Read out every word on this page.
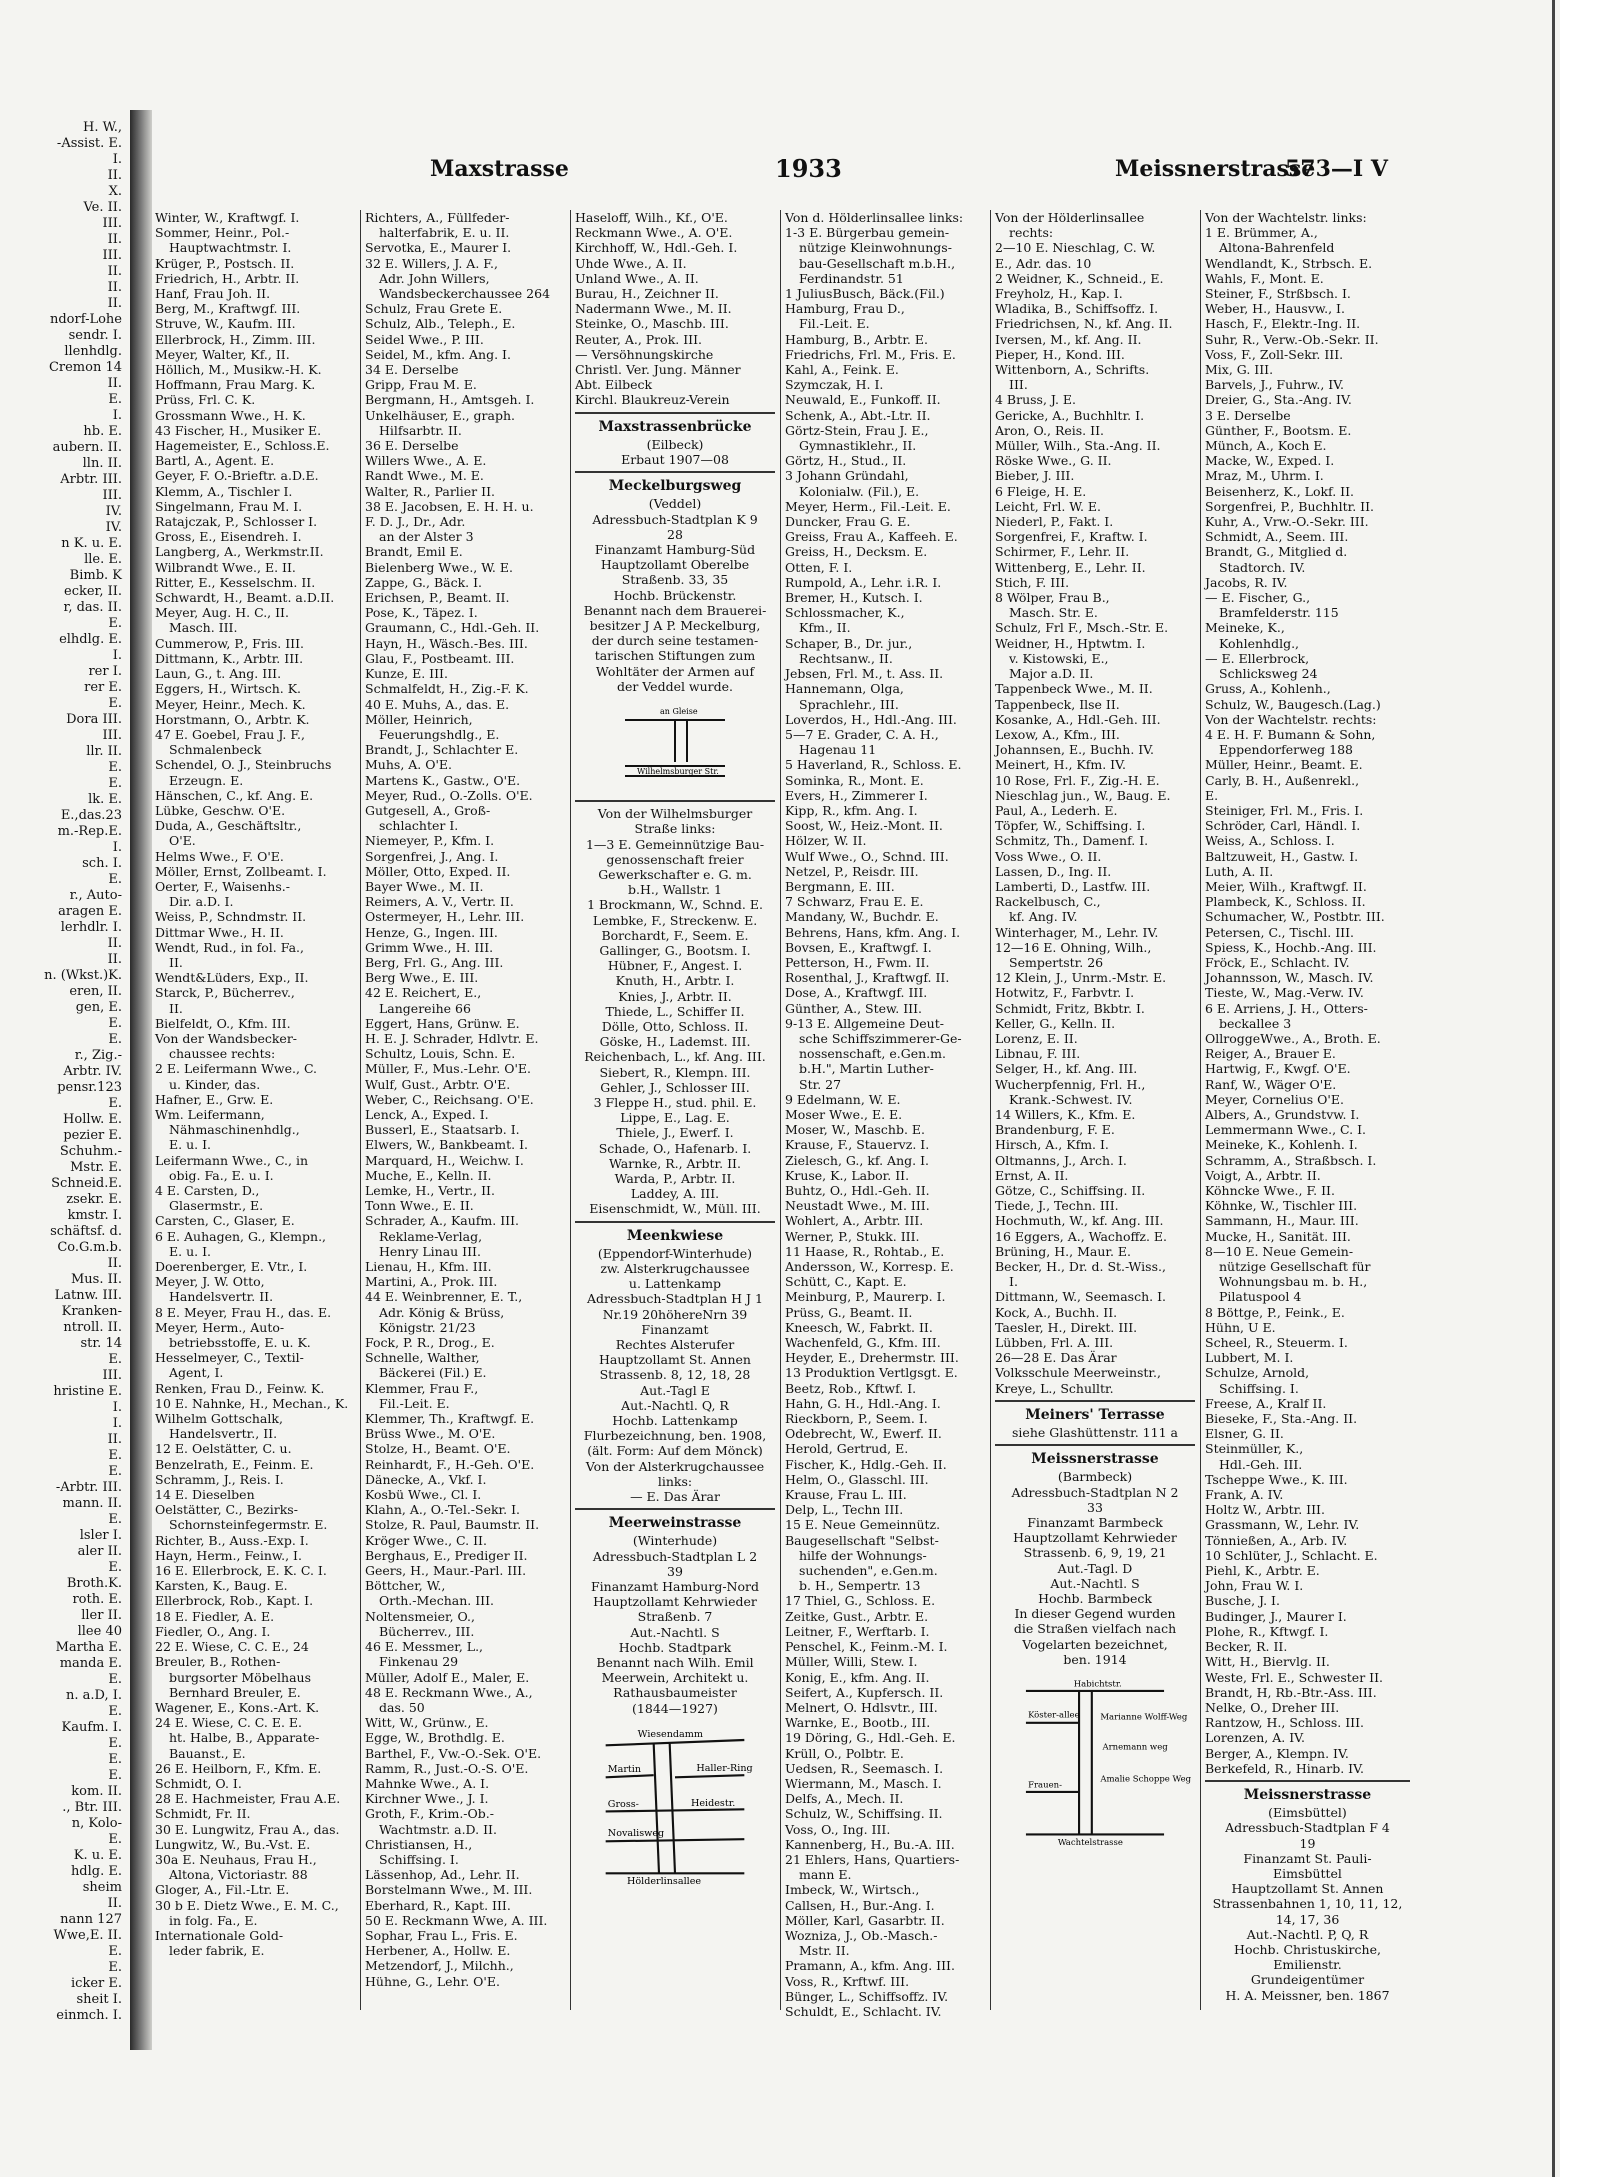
H. W.,
-Assist. E.
I.
II.
X.
Ve. II.
III.
II.
III.
II.
II.
II.
ndorf-Lohe
sendr. I.
llenhdlg.
Cremon 14
II.
E.
I.
hb. E.
aubern. II.
lln. II.
Arbtr. III.
III.
IV.
IV.
n K. u. E.
lle. E.
Bimb. K
ecker, II.
r, das. II.
E.
elhdlg. E.
I.
rer I.
rer E.
E.
Dora III.
III.
llr. II.
E.
E.
lk. E.
E.,das.23
m.-Rep.E.
I.
sch. I.
E.
r., Auto-
aragen E.
lerhdlr. I.
II.
II.
n. (Wkst.)K.
eren, II.
gen, E.
E.
E.
r., Zig.-
Arbtr. IV.
pensr.123
E.
Hollw. E.
pezier E.
Schuhm.-
Mstr. E.
Schneid.E.
zsekr. E.
kmstr. I.
schäftsf. d.
Co.G.m.b.
II.
Mus. II.
Latnw. III.
Kranken-
ntroll. II.
str. 14
E.
III.
hristine E.
I.
I.
II.
E.
E.
-Arbtr. III.
mann. II.
E.
lsler I.
aler II.
E.
Broth.K.
roth. E.
ller II.
llee 40
Martha E.
manda E.
E.
n. a.D, I.
E.
Kaufm. I.
E.
E.
E.
kom. II.
., Btr. III.
n, Kolo-
E.
K. u. E.
hdlg. E.
sheim
II.
nann 127
Wwe,E. II.
E.
E.
icker E.
sheit I.
einmch. I.
Maxstrasse	1933	Meissnerstrasse
573—I V
Winter, W., Kraftwgf. I.
Sommer, Heinr., Pol.-
Hauptwachtmstr. I.
Krüger, P., Postsch. II.
Friedrich, H., Arbtr. II.
Hanf, Frau Joh. II.
Berg, M., Kraftwgf. III.
Struve, W., Kaufm. III.
Ellerbrock, H., Zimm. III.
Meyer, Walter, Kf., II.
Höllich, M., Musikw.-H. K.
Hoffmann, Frau Marg. K.
Prüss, Frl. C. K.
Grossmann Wwe., H. K.
43 Fischer, H., Musiker E.
Hagemeister, E., Schloss.E.
Bartl, A., Agent. E.
Geyer, F. O.-Brieftr. a.D.E.
Klemm, A., Tischler I.
Singelmann, Frau M. I.
Ratajczak, P., Schlosser I.
Gross, E., Eisendreh. I.
Langberg, A., Werkmstr.II.
Wilbrandt Wwe., E. II.
Ritter, E., Kesselschm. II.
Schwardt, H., Beamt. a.D.II.
Meyer, Aug. H. C., II.
Masch. III.
Cummerow, P., Fris. III.
Dittmann, K., Arbtr. III.
Laun, G., t. Ang. III.
Eggers, H., Wirtsch. K.
Meyer, Heinr., Mech. K.
Horstmann, O., Arbtr. K.
47 E. Goebel, Frau J. F.,
Schmalenbeck
Schendel, O. J., Steinbruchs
Erzeugn. E.
Hänschen, C., kf. Ang. E.
Lübke, Geschw. O'E.
Duda, A., Geschäftsltr.,
O'E.
Helms Wwe., F. O'E.
Möller, Ernst, Zollbeamt. I.
Oerter, F., Waisenhs.-
Dir. a.D. I.
Weiss, P., Schndmstr. II.
Dittmar Wwe., H. II.
Wendt, Rud., in fol. Fa.,
II.
Wendt&Lüders, Exp., II.
Starck, P., Bücherrev.,
II.
Bielfeldt, O., Kfm. III.
Von der Wandsbecker-
chaussee rechts:
2 E. Leifermann Wwe., C.
u. Kinder, das.
Hafner, E., Grw. E.
Wm. Leifermann,
Nähmaschinenhdlg.,
E. u. I.
Leifermann Wwe., C., in
obig. Fa., E. u. I.
4 E. Carsten, D.,
Glasermstr., E.
Carsten, C., Glaser, E.
6 E. Auhagen, G., Klempn.,
E. u. I.
Doerenberger, E. Vtr., I.
Meyer, J. W. Otto,
Handelsvertr. II.
8 E. Meyer, Frau H., das. E.
Meyer, Herm., Auto-
betriebsstoffe, E. u. K.
Hesselmeyer, C., Textil-
Agent, I.
Renken, Frau D., Feinw. K.
10 E. Nahnke, H., Mechan., K.
Wilhelm Gottschalk,
Handelsvertr., II.
12 E. Oelstätter, C. u.
Benzelrath, E., Feinm. E.
Schramm, J., Reis. I.
14 E. Dieselben
Oelstätter, C., Bezirks-
Schornsteinfegermstr. E.
Richter, B., Auss.-Exp. I.
Hayn, Herm., Feinw., I.
16 E. Ellerbrock, E. K. C. I.
Karsten, K., Baug. E.
Ellerbrock, Rob., Kapt. I.
18 E. Fiedler, A. E.
Fiedler, O., Ang. I.
22 E. Wiese, C. C. E., 24
Breuler, B., Rothen-
burgsorter Möbelhaus
Bernhard Breuler, E.
Wagener, E., Kons.-Art. K.
24 E. Wiese, C. C. E. E.
ht. Halbe, B., Apparate-
Bauanst., E.
26 E. Heilborn, F., Kfm. E.
Schmidt, O. I.
28 E. Hachmeister, Frau A.E.
Schmidt, Fr. II.
30 E. Lungwitz, Frau A., das.
Lungwitz, W., Bu.-Vst. E.
30a E. Neuhaus, Frau H.,
Altona, Victoriastr. 88
Gloger, A., Fil.-Ltr. E.
30 b E. Dietz Wwe., E. M. C.,
in folg. Fa., E.
Internationale Gold-
leder fabrik, E.
Richters, A., Füllfeder-
halterfabrik, E. u. II.
Servotka, E., Maurer I.
32 E. Willers, J. A. F.,
Adr. John Willers,
Wandsbeckerchaussee 264
Schulz, Frau Grete E.
Schulz, Alb., Teleph., E.
Seidel Wwe., P. III.
Seidel, M., kfm. Ang. I.
34 E. Derselbe
Gripp, Frau M. E.
Bergmann, H., Amtsgeh. I.
Unkelhäuser, E., graph.
Hilfsarbtr. II.
36 E. Derselbe
Willers Wwe., A. E.
Randt Wwe., M. E.
Walter, R., Parlier II.
38 E. Jacobsen, E. H. H. u.
F. D. J., Dr., Adr.
an der Alster 3
Brandt, Emil E.
Bielenberg Wwe., W. E.
Zappe, G., Bäck. I.
Erichsen, P., Beamt. II.
Pose, K., Täpez. I.
Graumann, C., Hdl.-Geh. II.
Hayn, H., Wäsch.-Bes. III.
Glau, F., Postbeamt. III.
Kunze, E. III.
Schmalfeldt, H., Zig.-F. K.
40 E. Muhs, A., das. E.
Möller, Heinrich,
Feuerungshdlg., E.
Brandt, J., Schlachter E.
Muhs, A. O'E.
Martens K., Gastw., O'E.
Meyer, Rud., O.-Zolls. O'E.
Gutgesell, A., Groß-
schlachter I.
Niemeyer, P., Kfm. I.
Sorgenfrei, J., Ang. I.
Möller, Otto, Exped. II.
Bayer Wwe., M. II.
Reimers, A. V., Vertr. II.
Ostermeyer, H., Lehr. III.
Henze, G., Ingen. III.
Grimm Wwe., H. III.
Berg, Frl. G., Ang. III.
Berg Wwe., E. III.
42 E. Reichert, E.,
Langereihe 66
Eggert, Hans, Grünw. E.
H. E. J. Schrader, Hdlvtr. E.
Schultz, Louis, Schn. E.
Müller, F., Mus.-Lehr. O'E.
Wulf, Gust., Arbtr. O'E.
Weber, C., Reichsang. O'E.
Lenck, A., Exped. I.
Busserl, E., Staatsarb. I.
Elwers, W., Bankbeamt. I.
Marquard, H., Weichw. I.
Muche, E., Kelln. II.
Lemke, H., Vertr., II.
Tonn Wwe., E. II.
Schrader, A., Kaufm. III.
Reklame-Verlag,
Henry Linau III.
Lienau, H., Kfm. III.
Martini, A., Prok. III.
44 E. Weinbrenner, E. T.,
Adr. König & Brüss,
Königstr. 21/23
Fock, P. R., Drog., E.
Schnelle, Walther,
Bäckerei (Fil.) E.
Klemmer, Frau F.,
Fil.-Leit. E.
Klemmer, Th., Kraftwgf. E.
Brüss Wwe., M. O'E.
Stolze, H., Beamt. O'E.
Reinhardt, F., H.-Geh. O'E.
Dänecke, A., Vkf. I.
Kosbü Wwe., Cl. I.
Klahn, A., O.-Tel.-Sekr. I.
Stolze, R. Paul, Baumstr. II.
Kröger Wwe., C. II.
Berghaus, E., Prediger II.
Geers, H., Maur.-Parl. III.
Böttcher, W.,
Orth.-Mechan. III.
Noltensmeier, O.,
Bücherrev., III.
46 E. Messmer, L.,
Finkenau 29
Müller, Adolf E., Maler, E.
48 E. Reckmann Wwe., A.,
das. 50
Witt, W., Grünw., E.
Egge, W., Brothdlg. E.
Barthel, F., Vw.-O.-Sek. O'E.
Ramm, R., Just.-O.-S. O'E.
Mahnke Wwe., A. I.
Kirchner Wwe., J. I.
Groth, F., Krim.-Ob.-
Wachtmstr. a.D. II.
Christiansen, H.,
Schiffsing. I.
Lässenhop, Ad., Lehr. II.
Borstelmann Wwe., M. III.
Eberhard, R., Kapt. III.
50 E. Reckmann Wwe, A. III.
Sophar, Frau L., Fris. E.
Herbener, A., Hollw. E.
Metzendorf, J., Milchh.,
Hühne, G., Lehr. O'E.
Haseloff, Wilh., Kf., O'E.
Reckmann Wwe., A. O'E.
Kirchhoff, W., Hdl.-Geh. I.
Uhde Wwe., A. II.
Unland Wwe., A. II.
Burau, H., Zeichner II.
Nadermann Wwe., M. II.
Steinke, O., Maschb. III.
Reuter, A., Prok. III.
— Versöhnungskirche
Christl. Ver. Jung. Männer
Abt. Eilbeck
Kirchl. Blaukreuz-Verein
Maxstrassenbrücke
(Eilbeck)
Erbaut 1907—08
Meckelburgsweg
(Veddel)
Adressbuch-Stadtplan K 9
28
Finanzamt Hamburg-Süd
Hauptzollamt Oberelbe
Straßenb. 33, 35
Hochb. Brückenstr.
Benannt nach dem Brauerei-
besitzer J A P. Meckelburg,
der durch seine testamen-
tarischen Stiftungen zum
Wohltäter der Armen auf
der Veddel wurde.
an Gleise
Wilhelmsburger Str.
Von der Wilhelmsburger
Straße links:
1—3 E. Gemeinnützige Bau-
genossenschaft freier
Gewerkschafter e. G. m.
b.H., Wallstr. 1
1 Brockmann, W., Schnd. E.
Lembke, F., Streckenw. E.
Borchardt, F., Seem. E.
Gallinger, G., Bootsm. I.
Hübner, F., Angest. I.
Knuth, H., Arbtr. I.
Knies, J., Arbtr. II.
Thiede, L., Schiffer II.
Dölle, Otto, Schloss. II.
Göske, H., Lademst. III.
Reichenbach, L., kf. Ang. III.
Siebert, R., Klempn. III.
Gehler, J., Schlosser III.
3 Fleppe H., stud. phil. E.
Lippe, E., Lag. E.
Thiele, J., Ewerf. I.
Schade, O., Hafenarb. I.
Warnke, R., Arbtr. II.
Warda, P., Arbtr. II.
Laddey, A. III.
Eisenschmidt, W., Müll. III.
Meenkwiese
(Eppendorf-Winterhude)
zw. Alsterkrugchaussee
u. Lattenkamp
Adressbuch-Stadtplan H J 1
Nr.19 20höhereNrn 39
Finanzamt
Rechtes Alsterufer
Hauptzollamt St. Annen
Strassenb. 8, 12, 18, 28
Aut.-Tagl E
Aut.-Nachtl. Q, R
Hochb. Lattenkamp
Flurbezeichnung, ben. 1908,
(ält. Form: Auf dem Mönck)
Von der Alsterkrugchaussee
links:
— E. Das Ärar
Meerweinstrasse
(Winterhude)
Adressbuch-Stadtplan L 2
39
Finanzamt Hamburg-Nord
Hauptzollamt Kehrwieder
Straßenb. 7
Aut.-Nachtl. S
Hochb. Stadtpark
Benannt nach Wilh. Emil
Meerwein, Architekt u.
Rathausbaumeister
(1844—1927)
Wiesendamm
Martin	Haller-Ring
Gross-	Heidestr.
Novalisweg
Hölderlinsallee
Von d. Hölderlinsallee links:
1-3 E. Bürgerbau gemein-
nützige Kleinwohnungs-
bau-Gesellschaft m.b.H.,
Ferdinandstr. 51
1 JuliusBusch, Bäck.(Fil.)
Hamburg, Frau D.,
Fil.-Leit. E.
Hamburg, B., Arbtr. E.
Friedrichs, Frl. M., Fris. E.
Kahl, A., Feink. E.
Szymczak, H. I.
Neuwald, E., Funkoff. II.
Schenk, A., Abt.-Ltr. II.
Görtz-Stein, Frau J. E.,
Gymnastiklehr., II.
Görtz, H., Stud., II.
3 Johann Gründahl,
Kolonialw. (Fil.), E.
Meyer, Herm., Fil.-Leit. E.
Duncker, Frau G. E.
Greiss, Frau A., Kaffeeh. E.
Greiss, H., Decksm. E.
Otten, F. I.
Rumpold, A., Lehr. i.R. I.
Bremer, H., Kutsch. I.
Schlossmacher, K.,
Kfm., II.
Schaper, B., Dr. jur.,
Rechtsanw., II.
Jebsen, Frl. M., t. Ass. II.
Hannemann, Olga,
Sprachlehr., III.
Loverdos, H., Hdl.-Ang. III.
5—7 E. Grader, C. A. H.,
Hagenau 11
5 Haverland, R., Schloss. E.
Sominka, R., Mont. E.
Evers, H., Zimmerer I.
Kipp, R., kfm. Ang. I.
Soost, W., Heiz.-Mont. II.
Hölzer, W. II.
Wulf Wwe., O., Schnd. III.
Netzel, P., Reisdr. III.
Bergmann, E. III.
7 Schwarz, Frau E. E.
Mandany, W., Buchdr. E.
Behrens, Hans, kfm. Ang. I.
Bovsen, E., Kraftwgf. I.
Petterson, H., Fwm. II.
Rosenthal, J., Kraftwgf. II.
Dose, A., Kraftwgf. III.
Günther, A., Stew. III.
9-13 E. Allgemeine Deut-
sche Schiffszimmerer-Ge-
nossenschaft, e.Gen.m.
b.H.", Martin Luther-
Str. 27
9 Edelmann, W. E.
Moser Wwe., E. E.
Moser, W., Maschb. E.
Krause, F., Stauervz. I.
Zielesch, G., kf. Ang. I.
Kruse, K., Labor. II.
Buhtz, O., Hdl.-Geh. II.
Neustadt Wwe., M. III.
Wohlert, A., Arbtr. III.
Werner, P., Stukk. III.
11 Haase, R., Rohtab., E.
Andersson, W., Korresp. E.
Schütt, C., Kapt. E.
Meinburg, P., Maurerp. I.
Prüss, G., Beamt. II.
Kneesch, W., Fabrkt. II.
Wachenfeld, G., Kfm. III.
Heyder, E., Drehermstr. III.
13 Produktion Vertlgsgt. E.
Beetz, Rob., Kftwf. I.
Hahn, G. H., Hdl.-Ang. I.
Rieckborn, P., Seem. I.
Odebrecht, W., Ewerf. II.
Herold, Gertrud, E.
Fischer, K., Hdlg.-Geh. II.
Helm, O., Glasschl. III.
Krause, Frau L. III.
Delp, L., Techn III.
15 E. Neue Gemeinnütz.
Baugesellschaft "Selbst-
hilfe der Wohnungs-
suchenden", e.Gen.m.
b. H., Sempertr. 13
17 Thiel, G., Schloss. E.
Zeitke, Gust., Arbtr. E.
Leitner, F., Werftarb. I.
Penschel, K., Feinm.-M. I.
Müller, Willi, Stew. I.
Konig, E., kfm. Ang. II.
Seifert, A., Kupfersch. II.
Melnert, O. Hdlsvtr., III.
Warnke, E., Bootb., III.
19 Döring, G., Hdl.-Geh. E.
Krüll, O., Polbtr. E.
Uedsen, R., Seemasch. I.
Wiermann, M., Masch. I.
Delfs, A., Mech. II.
Schulz, W., Schiffsing. II.
Voss, O., Ing. III.
Kannenberg, H., Bu.-A. III.
21 Ehlers, Hans, Quartiers-
mann E.
Imbeck, W., Wirtsch.,
Callsen, H., Bur.-Ang. I.
Möller, Karl, Gasarbtr. II.
Wozniza, J., Ob.-Masch.-
Mstr. II.
Pramann, A., kfm. Ang. III.
Voss, R., Krftwf. III.
Bünger, L., Schiffsoffz. IV.
Schuldt, E., Schlacht. IV.
Von der Hölderlinsallee
rechts:
2—10 E. Nieschlag, C. W.
E., Adr. das. 10
2 Weidner, K., Schneid., E.
Freyholz, H., Kap. I.
Wladika, B., Schiffsoffz. I.
Friedrichsen, N., kf. Ang. II.
Iversen, M., kf. Ang. II.
Pieper, H., Kond. III.
Wittenborn, A., Schrifts.
III.
4 Bruss, J. E.
Gericke, A., Buchhltr. I.
Aron, O., Reis. II.
Müller, Wilh., Sta.-Ang. II.
Röske Wwe., G. II.
Bieber, J. III.
6 Fleige, H. E.
Leicht, Frl. W. E.
Niederl, P., Fakt. I.
Sorgenfrei, F., Kraftw. I.
Schirmer, F., Lehr. II.
Wittenberg, E., Lehr. II.
Stich, F. III.
8 Wölper, Frau B.,
Masch. Str. E.
Schulz, Frl F., Msch.-Str. E.
Weidner, H., Hptwtm. I.
v. Kistowski, E.,
Major a.D. II.
Tappenbeck Wwe., M. II.
Tappenbeck, Ilse II.
Kosanke, A., Hdl.-Geh. III.
Lexow, A., Kfm., III.
Johannsen, E., Buchh. IV.
Meinert, H., Kfm. IV.
10 Rose, Frl. F., Zig.-H. E.
Nieschlag jun., W., Baug. E.
Paul, A., Lederh. E.
Töpfer, W., Schiffsing. I.
Schmitz, Th., Damenf. I.
Voss Wwe., O. II.
Lassen, D., Ing. II.
Lamberti, D., Lastfw. III.
Rackelbusch, C.,
kf. Ang. IV.
Winterhager, M., Lehr. IV.
12—16 E. Ohning, Wilh.,
Sempertstr. 26
12 Klein, J., Unrm.-Mstr. E.
Hotwitz, F., Farbvtr. I.
Schmidt, Fritz, Bkbtr. I.
Keller, G., Kelln. II.
Lorenz, E. II.
Libnau, F. III.
Selger, H., kf. Ang. III.
Wucherpfennig, Frl. H.,
Krank.-Schwest. IV.
14 Willers, K., Kfm. E.
Brandenburg, F. E.
Hirsch, A., Kfm. I.
Oltmanns, J., Arch. I.
Ernst, A. II.
Götze, C., Schiffsing. II.
Tiede, J., Techn. III.
Hochmuth, W., kf. Ang. III.
16 Eggers, A., Wachoffz. E.
Brüning, H., Maur. E.
Becker, H., Dr. d. St.-Wiss.,
I.
Dittmann, W., Seemasch. I.
Kock, A., Buchh. II.
Taesler, H., Direkt. III.
Lübben, Frl. A. III.
26—28 E. Das Ärar
Volksschule Meerweinstr.,
Kreye, L., Schulltr.
Meiners' Terrasse
siehe Glashüttenstr. 111 a
Meissnerstrasse
(Barmbeck)
Adressbuch-Stadtplan N 2
33
Finanzamt Barmbeck
Hauptzollamt Kehrwieder
Strassenb. 6, 9, 19, 21
Aut.-Tagl. D
Aut.-Nachtl. S
Hochb. Barmbeck
In dieser Gegend wurden
die Straßen vielfach nach
Vogelarten bezeichnet,
ben. 1914
Habichtstr.
Köster-allee	Marianne Wolff-Weg
Arnemann weg
Amalie Schoppe Weg
Frauen-
Wachtelstrasse
Von der Wachtelstr. links:
1 E. Brümmer, A.,
Altona-Bahrenfeld
Wendlandt, K., Strbsch. E.
Wahls, F., Mont. E.
Steiner, F., Strßbsch. I.
Weber, H., Hausvw., I.
Hasch, F., Elektr.-Ing. II.
Suhr, R., Verw.-Ob.-Sekr. II.
Voss, F., Zoll-Sekr. III.
Mix, G. III.
Barvels, J., Fuhrw., IV.
Dreier, G., Sta.-Ang. IV.
3 E. Derselbe
Günther, F., Bootsm. E.
Münch, A., Koch E.
Macke, W., Exped. I.
Mraz, M., Uhrm. I.
Beisenherz, K., Lokf. II.
Sorgenfrei, P., Buchhltr. II.
Kuhr, A., Vrw.-O.-Sekr. III.
Schmidt, A., Seem. III.
Brandt, G., Mitglied d.
Stadtorch. IV.
Jacobs, R. IV.
— E. Fischer, G.,
Bramfelderstr. 115
Meineke, K.,
Kohlenhdlg.,
— E. Ellerbrock,
Schlicksweg 24
Gruss, A., Kohlenh.,
Schulz, W., Baugesch.(Lag.)
Von der Wachtelstr. rechts:
4 E. H. F. Bumann & Sohn,
Eppendorferweg 188
Müller, Heinr., Beamt. E.
Carly, B. H., Außenrekl.,
E.
Steiniger, Frl. M., Fris. I.
Schröder, Carl, Händl. I.
Weiss, A., Schloss. I.
Baltzuweit, H., Gastw. I.
Luth, A. II.
Meier, Wilh., Kraftwgf. II.
Plambeck, K., Schloss. II.
Schumacher, W., Postbtr. III.
Petersen, C., Tischl. III.
Spiess, K., Hochb.-Ang. III.
Fröck, E., Schlacht. IV.
Johannsson, W., Masch. IV.
Tieste, W., Mag.-Verw. IV.
6 E. Arriens, J. H., Otters-
beckallee 3
OllroggeWwe., A., Broth. E.
Reiger, A., Brauer E.
Hartwig, F., Kwgf. O'E.
Ranf, W., Wäger O'E.
Meyer, Cornelius O'E.
Albers, A., Grundstvw. I.
Lemmermann Wwe., C. I.
Meineke, K., Kohlenh. I.
Schramm, A., Straßbsch. I.
Voigt, A., Arbtr. II.
Köhncke Wwe., F. II.
Köhnke, W., Tischler III.
Sammann, H., Maur. III.
Mucke, H., Sanität. III.
8—10 E. Neue Gemein-
nützige Gesellschaft für
Wohnungsbau m. b. H.,
Pilatuspool 4
8 Böttge, P., Feink., E.
Hühn, U E.
Scheel, R., Steuerm. I.
Lubbert, M. I.
Schulze, Arnold,
Schiffsing. I.
Freese, A., Kralf II.
Bieseke, F., Sta.-Ang. II.
Elsner, G. II.
Steinmüller, K.,
Hdl.-Geh. III.
Tscheppe Wwe., K. III.
Frank, A. IV.
Holtz W., Arbtr. III.
Grassmann, W., Lehr. IV.
Tönnießen, A., Arb. IV.
10 Schlüter, J., Schlacht. E.
Piehl, K., Arbtr. E.
John, Frau W. I.
Busche, J. I.
Budinger, J., Maurer I.
Plohe, R., Kftwgf. I.
Becker, R. II.
Witt, H., Biervlg. II.
Weste, Frl. E., Schwester II.
Brandt, H, Rb.-Btr.-Ass. III.
Nelke, O., Dreher III.
Rantzow, H., Schloss. III.
Lorenzen, A. IV.
Berger, A., Klempn. IV.
Berkefeld, R., Hinarb. IV.
Meissnerstrasse
(Eimsbüttel)
Adressbuch-Stadtplan F 4
19
Finanzamt St. Pauli-
Eimsbüttel
Hauptzollamt St. Annen
Strassenbahnen 1, 10, 11, 12,
14, 17, 36
Aut.-Nachtl. P, Q, R
Hochb. Christuskirche,
Emilienstr.
Grundeigentümer
H. A. Meissner, ben. 1867
